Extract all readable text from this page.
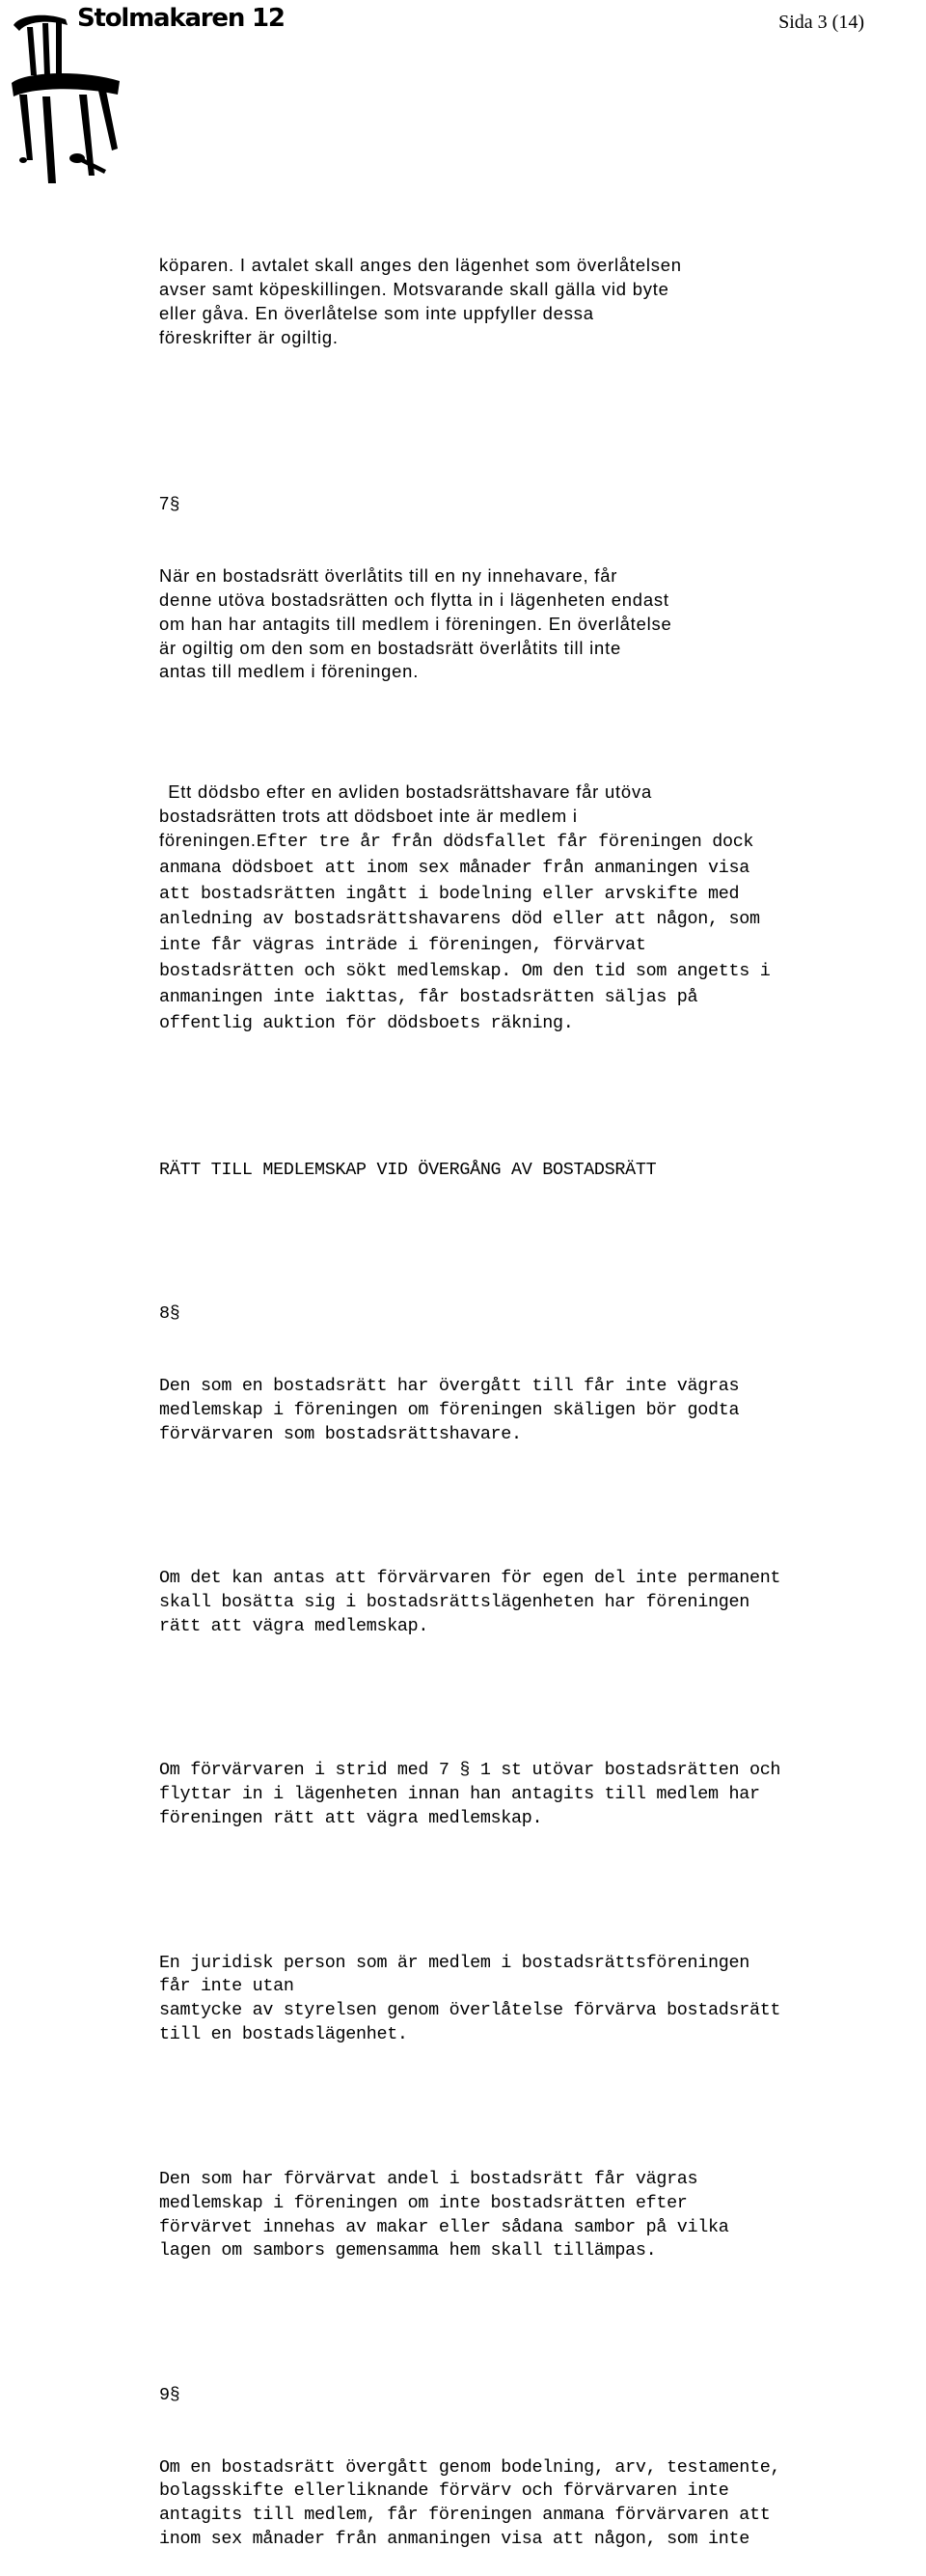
Stolmakaren 12	Sida 3 (14)

köparen. I avtalet skall anges den lägenhet som överlåtelsen
avser samt köpeskillingen. Motsvarande skall gälla vid byte
eller gåva. En överlåtelse som inte uppfyller dessa
föreskrifter är ogiltig.

7§

När en bostadsrätt överlåtits till en ny innehavare, får
denne utöva bostadsrätten och flytta in i lägenheten endast
om han har antagits till medlem i föreningen. En överlåtelse
är ogiltig om den som en bostadsrätt överlåtits till inte
antas till medlem i föreningen.

Ett dödsbo efter en avliden bostadsrättshavare får utöva
bostadsrätten trots att dödsboet inte är medlem i
föreningen.Efter tre år från dödsfallet får föreningen dock
anmana dödsboet att inom sex månader från anmaningen visa
att bostadsrätten ingått i bodelning eller arvskifte med
anledning av bostadsrättshavarens död eller att någon, som
inte får vägras inträde i föreningen, förvärvat
bostadsrätten och sökt medlemskap. Om den tid som angetts i
anmaningen inte iakttas, får bostadsrätten säljas på
offentlig auktion för dödsboets räkning.

RÄTT TILL MEDLEMSKAP VID ÖVERGÅNG AV BOSTADSRÄTT

8§

Den som en bostadsrätt har övergått till får inte vägras
medlemskap i föreningen om föreningen skäligen bör godta
förvärvaren som bostadsrättshavare.

Om det kan antas att förvärvaren för egen del inte permanent
skall bosätta sig i bostadsrättslägenheten har föreningen
rätt att vägra medlemskap.

Om förvärvaren i strid med 7 § 1 st utövar bostadsrätten och
flyttar in i lägenheten innan han antagits till medlem har
föreningen rätt att vägra medlemskap.

En juridisk person som är medlem i bostadsrättsföreningen
får inte utan
samtycke av styrelsen genom överlåtelse förvärva bostadsrätt
till en bostadslägenhet.

Den som har förvärvat andel i bostadsrätt får vägras
medlemskap i föreningen om inte bostadsrätten efter
förvärvet innehas av makar eller sådana sambor på vilka
lagen om sambors gemensamma hem skall tillämpas.

9§

Om en bostadsrätt övergått genom bodelning, arv, testamente,
bolagsskifte ellerliknande förvärv och förvärvaren inte
antagits till medlem, får föreningen anmana förvärvaren att
inom sex månader från anmaningen visa att någon, som inte
